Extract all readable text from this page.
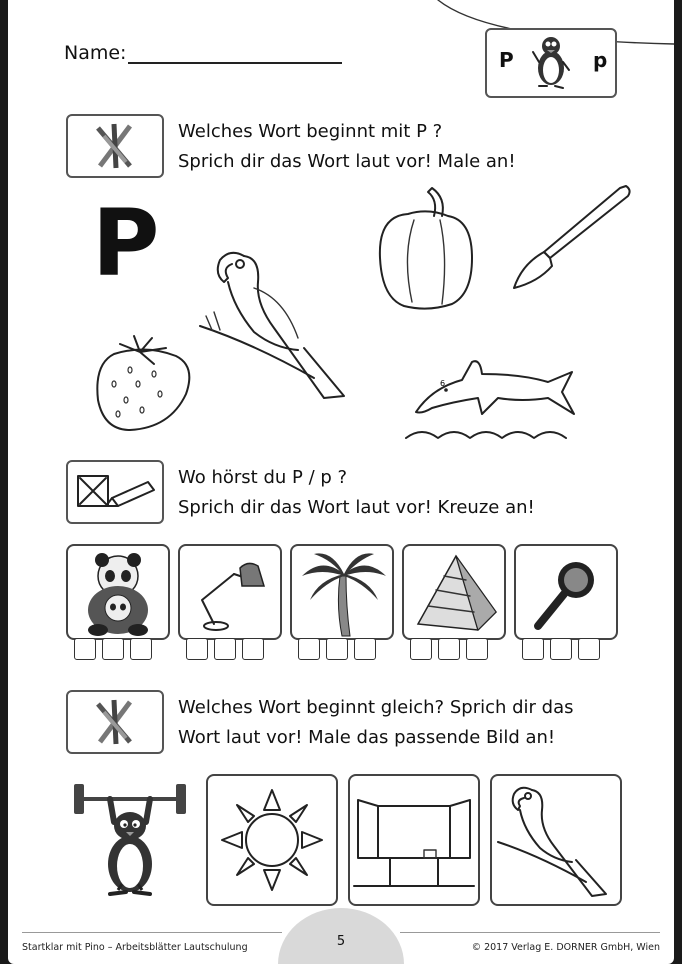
Name:	P	p
Welches Wort beginnt mit P ?
Sprich dir das Wort laut vor! Male an!
P
6
Wo hörst du P / p ?
Sprich dir das Wort laut vor! Kreuze an!
Welches Wort beginnt gleich? Sprich dir das
Wort laut vor! Male das passende Bild an!
5
Startklar mit Pino – Arbeitsblätter Lautschulung	© 2017 Verlag E. DORNER GmbH, Wien
